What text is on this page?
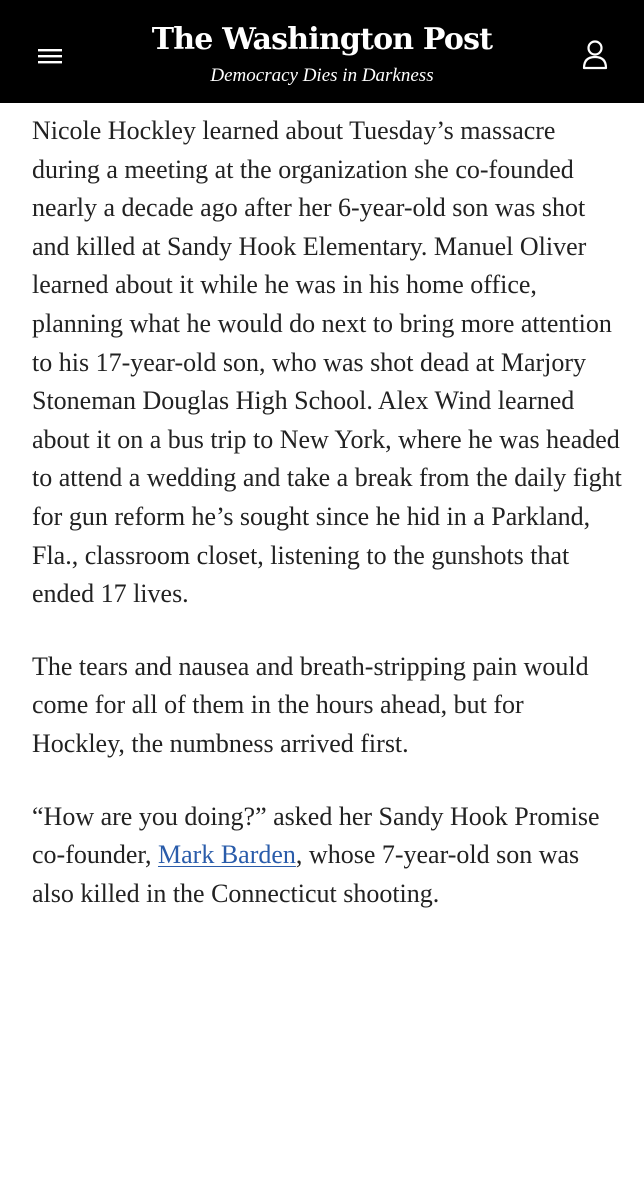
The Washington Post
Democracy Dies in Darkness

Nicole Hockley learned about Tuesday’s massacre during a meeting at the organization she co-founded nearly a decade ago after her 6-year-old son was shot and killed at Sandy Hook Elementary. Manuel Oliver learned about it while he was in his home office, planning what he would do next to bring more attention to his 17-year-old son, who was shot dead at Marjory Stoneman Douglas High School. Alex Wind learned about it on a bus trip to New York, where he was headed to attend a wedding and take a break from the daily fight for gun reform he’s sought since he hid in a Parkland, Fla., classroom closet, listening to the gunshots that ended 17 lives.

The tears and nausea and breath-stripping pain would come for all of them in the hours ahead, but for Hockley, the numbness arrived first.

“How are you doing?” asked her Sandy Hook Promise co-founder, Mark Barden, whose 7-year-old son was also killed in the Connecticut shooting.
